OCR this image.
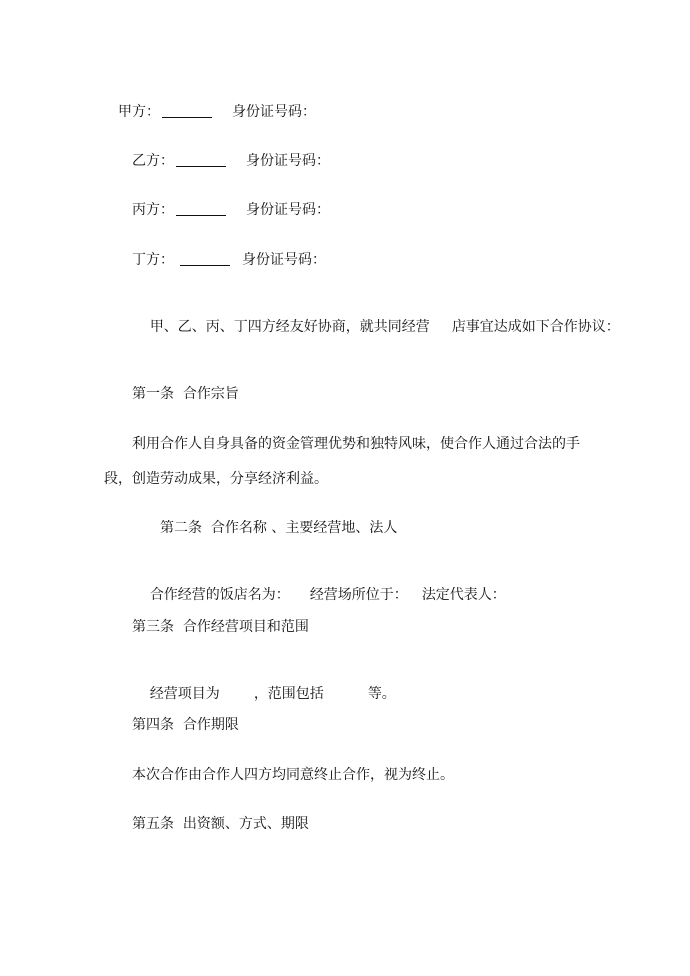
甲方：	身份证号码：
乙方：	身份证号码：
丙方：	身份证号码：
丁方：	身份证号码：

甲、乙、丙、丁四方经友好协商，就共同经营 店事宜达成如下合作协议：

第一条  合作宗旨
利用合作人自身具备的资金管理优势和独特风味，使合作人通过合法的手
段，创造劳动成果，分享经济利益。
第二条  合作名称 、主要经营地、法人

合作经营的饭店名为： 经营场所位于： 法定代表人：

第三条  合作经营项目和范围

经营项目为 ，范围包括	等。

第四条  合作期限
本次合作由合作人四方均同意终止合作，视为终止。
第五条  出资额、方式、期限
